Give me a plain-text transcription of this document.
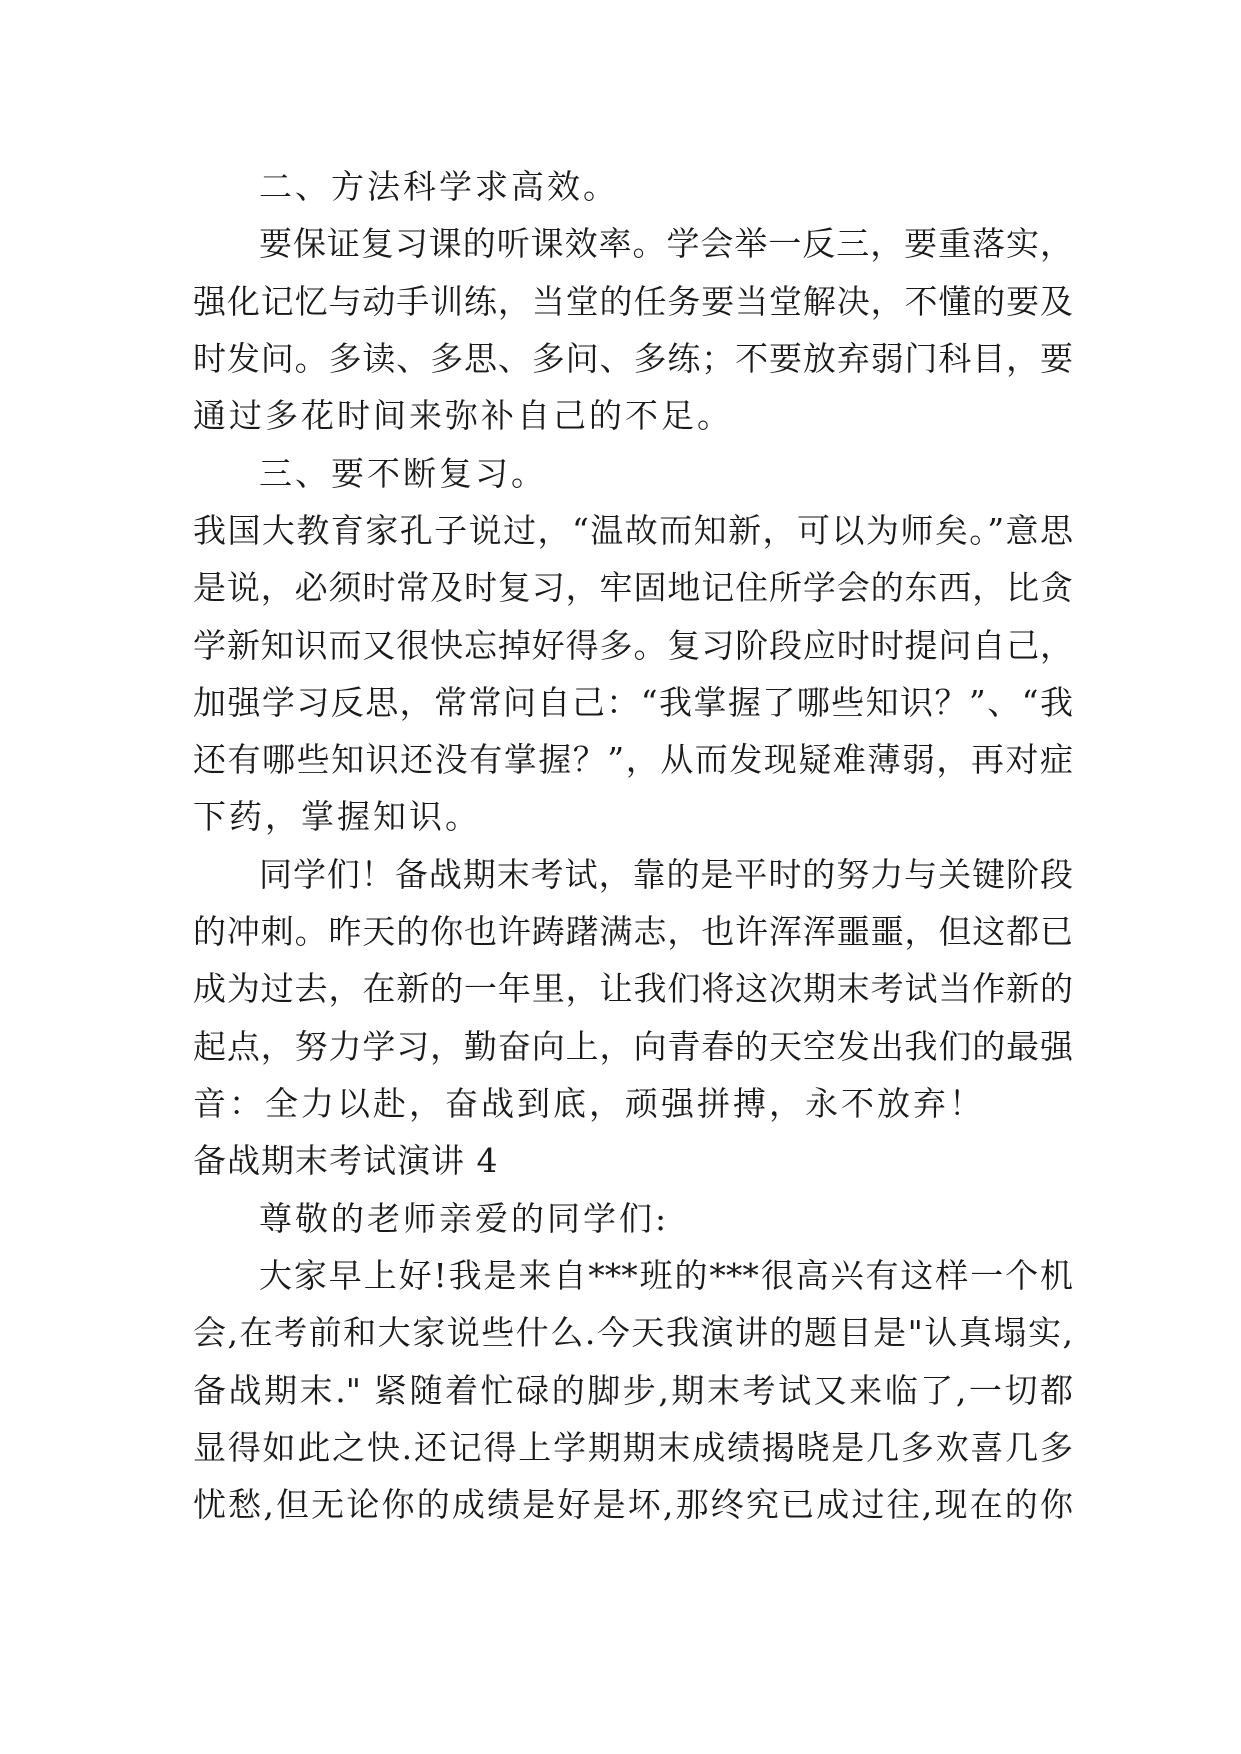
二、方法科学求高效。

要保证复习课的听课效率。学会举一反三，要重落实，

强化记忆与动手训练，当堂的任务要当堂解决，不懂的要及

时发问。多读、多思、多问、多练；不要放弃弱门科目，要

通过多花时间来弥补自己的不足。

三、要不断复习。

我国大教育家孔子说过，“温故而知新，可以为师矣。”意思

是说，必须时常及时复习，牢固地记住所学会的东西，比贪

学新知识而又很快忘掉好得多。复习阶段应时时提问自己，

加强学习反思，常常问自己：“我掌握了哪些知识？”、“我

还有哪些知识还没有掌握？”，从而发现疑难薄弱，再对症

下药，掌握知识。

同学们！备战期末考试，靠的是平时的努力与关键阶段

的冲刺。昨天的你也许踌躇满志，也许浑浑噩噩，但这都已

成为过去，在新的一年里，让我们将这次期末考试当作新的

起点，努力学习，勤奋向上，向青春的天空发出我们的最强

音：全力以赴，奋战到底，顽强拼搏，永不放弃！

备战期末考试演讲 4

尊敬的老师亲爱的同学们:

大家早上好!我是来自***班的***很高兴有这样一个机

会,在考前和大家说些什么.今天我演讲的题目是"认真塌实,

备战期末." 紧随着忙碌的脚步,期末考试又来临了,一切都

显得如此之快.还记得上学期期末成绩揭晓是几多欢喜几多

忧愁,但无论你的成绩是好是坏,那终究已成过往,现在的你
